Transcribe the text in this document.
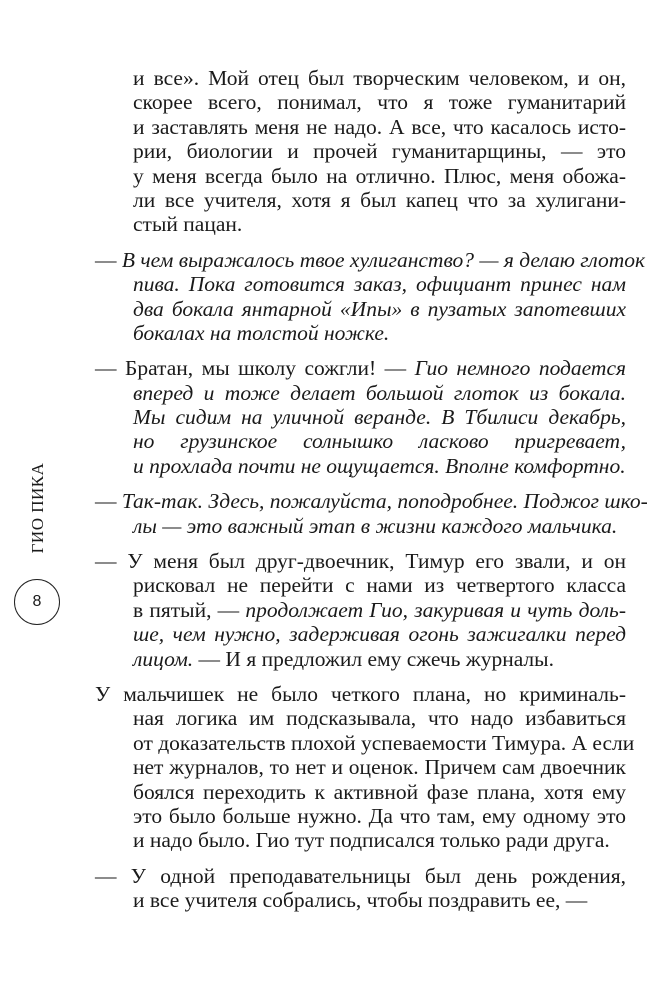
и все». Мой отец был творческим человеком, и он,
скорее всего, понимал, что я тоже гуманитарий
и заставлять меня не надо. А все, что касалось исто-
рии, биологии и прочей гуманитарщины, — это
у меня всегда было на отлично. Плюс, меня обожа-
ли все учителя, хотя я был капец что за хулигани-
стый пацан.
— В чем выражалось твое хулиганство? — я делаю глоток
пива. Пока готовится заказ, официант принес нам
два бокала янтарной «Ипы» в пузатых запотевших
бокалах на толстой ножке.
— Братан, мы школу сожгли! — Гио немного подается
вперед и тоже делает большой глоток из бокала.
Мы сидим на уличной веранде. В Тбилиси декабрь,
но грузинское солнышко ласково пригревает,
и прохлада почти не ощущается. Вполне комфортно.
— Так-так. Здесь, пожалуйста, поподробнее. Поджог шко-
лы — это важный этап в жизни каждого мальчика.
— У меня был друг-двоечник, Тимур его звали, и он
рисковал не перейти с нами из четвертого класса
в пятый, — продолжает Гио, закуривая и чуть доль-
ше, чем нужно, задерживая огонь зажигалки перед
лицом. — И я предложил ему сжечь журналы.
У мальчишек не было четкого плана, но криминаль-
ная логика им подсказывала, что надо избавиться
от доказательств плохой успеваемости Тимура. А если
нет журналов, то нет и оценок. Причем сам двоечник
боялся переходить к активной фазе плана, хотя ему
это было больше нужно. Да что там, ему одному это
и надо было. Гио тут подписался только ради друга.
— У одной преподавательницы был день рождения,
и все учителя собрались, чтобы поздравить ее, —
ГИО ПИКА
8
